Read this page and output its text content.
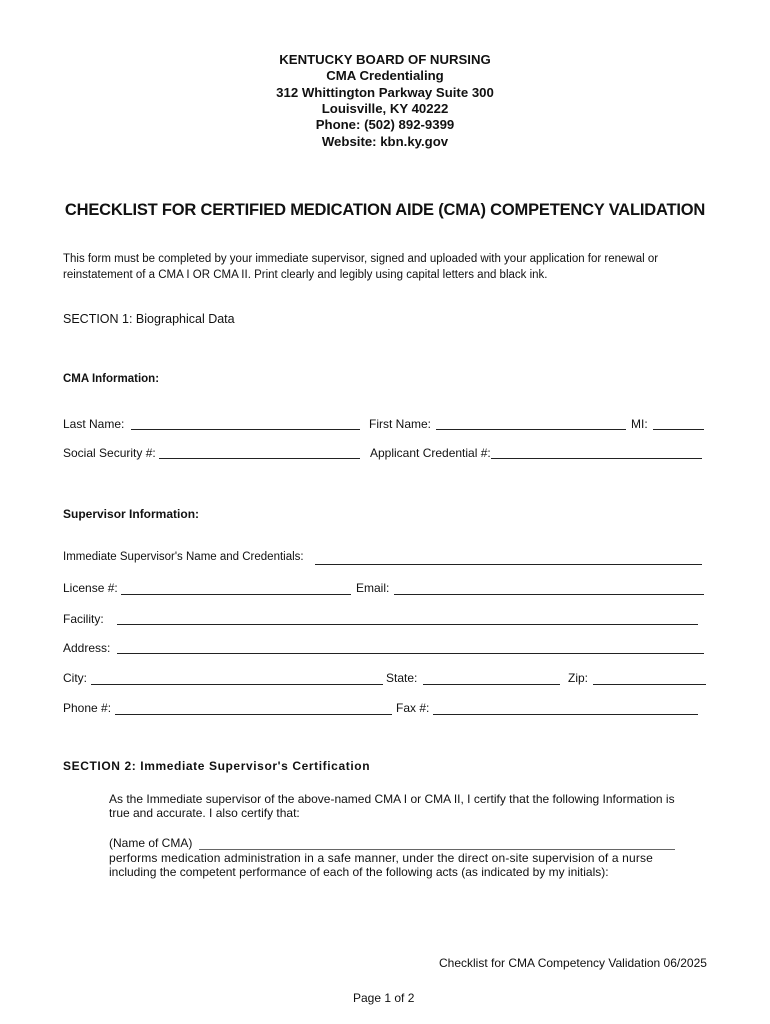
KENTUCKY BOARD OF NURSING
CMA Credentialing
312 Whittington Parkway Suite 300
Louisville, KY 40222
Phone: (502) 892-9399
Website: kbn.ky.gov
CHECKLIST FOR CERTIFIED MEDICATION AIDE (CMA) COMPETENCY VALIDATION
This form must be completed by your immediate supervisor, signed and uploaded with your application for renewal or
reinstatement of a CMA I OR CMA II. Print clearly and legibly using capital letters and black ink.
SECTION 1: Biographical Data
CMA Information:
Last Name:	First Name:	MI:
Social Security #:	Applicant Credential #:
Supervisor Information:
Immediate Supervisor's Name and Credentials:
License #:	Email:
Facility:
Address:
City:	State:	Zip:
Phone #:	Fax #:
SECTION 2: Immediate Supervisor's Certification
As the Immediate supervisor of the above-named CMA I or CMA II, I certify that the following Information is
true and accurate. I also certify that:
(Name of CMA)
performs medication administration in a safe manner, under the direct on-site supervision of a nurse
including the competent performance of each of the following acts (as indicated by my initials):
Checklist for CMA Competency Validation 06/2025
Page 1 of 2
